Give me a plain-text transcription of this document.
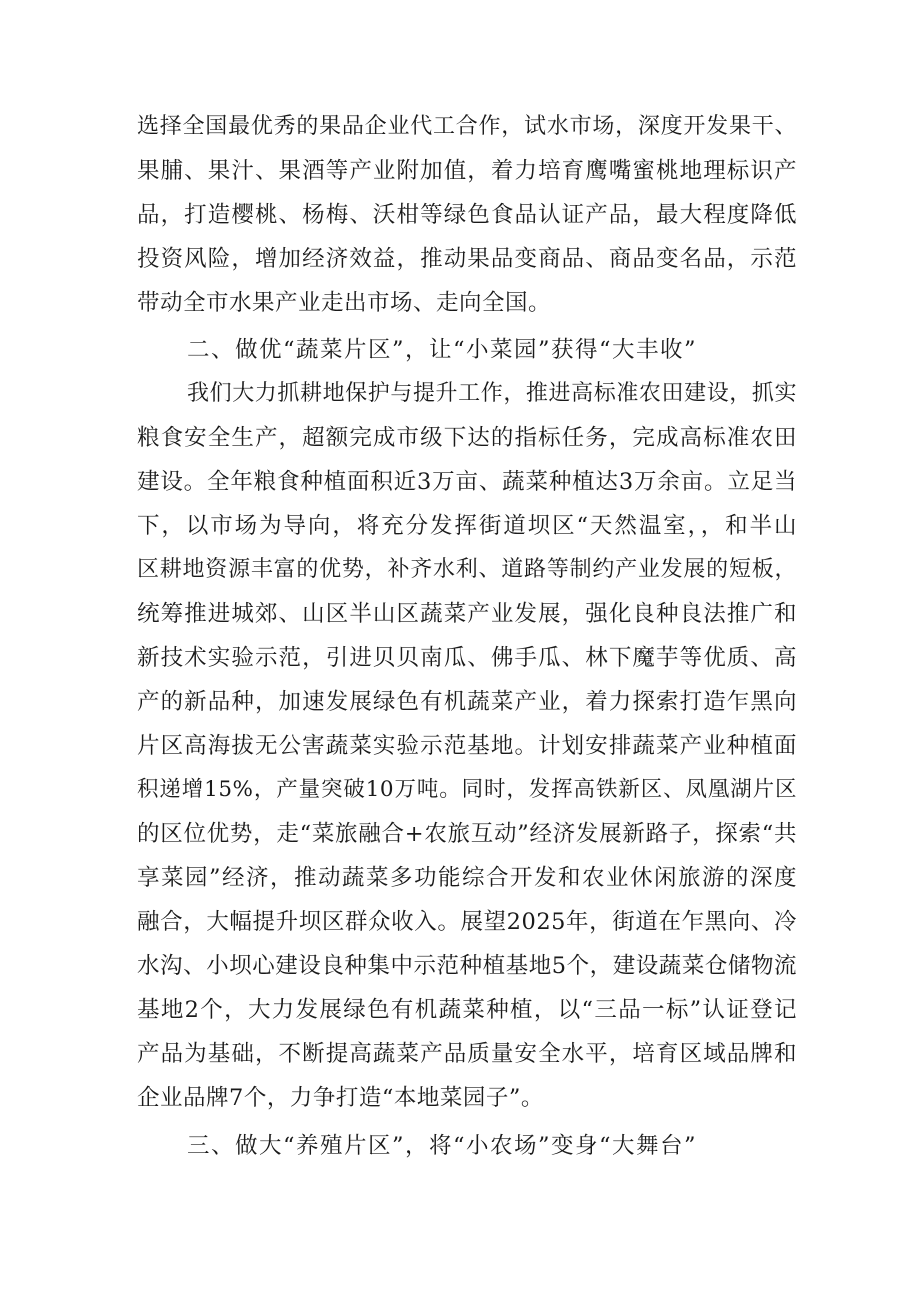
选择全国最优秀的果品企业代工合作，试水市场，深度开发果干、
果脯、果汁、果酒等产业附加值，着力培育鹰嘴蜜桃地理标识产
品，打造樱桃、杨梅、沃柑等绿色食品认证产品，最大程度降低
投资风险，增加经济效益，推动果品变商品、商品变名品，示范
带动全市水果产业走出市场、走向全国。
二、做优“蔬菜片区”，让“小菜园”获得“大丰收”
我们大力抓耕地保护与提升工作，推进高标准农田建设，抓实
粮食安全生产，超额完成市级下达的指标任务，完成高标准农田
建设。全年粮食种植面积近3万亩、蔬菜种植达3万余亩。立足当
下，以市场为导向，将充分发挥街道坝区“天然温室，，和半山
区耕地资源丰富的优势，补齐水利、道路等制约产业发展的短板，
统筹推进城郊、山区半山区蔬菜产业发展，强化良种良法推广和
新技术实验示范，引进贝贝南瓜、佛手瓜、林下魔芋等优质、高
产的新品种，加速发展绿色有机蔬菜产业，着力探索打造乍黑向
片区高海拔无公害蔬菜实验示范基地。计划安排蔬菜产业种植面
积递增15%，产量突破10万吨。同时，发挥高铁新区、凤凰湖片区
的区位优势，走“菜旅融合+农旅互动”经济发展新路子，探索“共
享菜园”经济，推动蔬菜多功能综合开发和农业休闲旅游的深度
融合，大幅提升坝区群众收入。展望2025年，街道在乍黑向、冷
水沟、小坝心建设良种集中示范种植基地5个，建设蔬菜仓储物流
基地2个，大力发展绿色有机蔬菜种植，以“三品一标”认证登记
产品为基础，不断提高蔬菜产品质量安全水平，培育区域品牌和
企业品牌7个，力争打造“本地菜园子”。
三、做大“养殖片区”，将“小农场”变身“大舞台”
